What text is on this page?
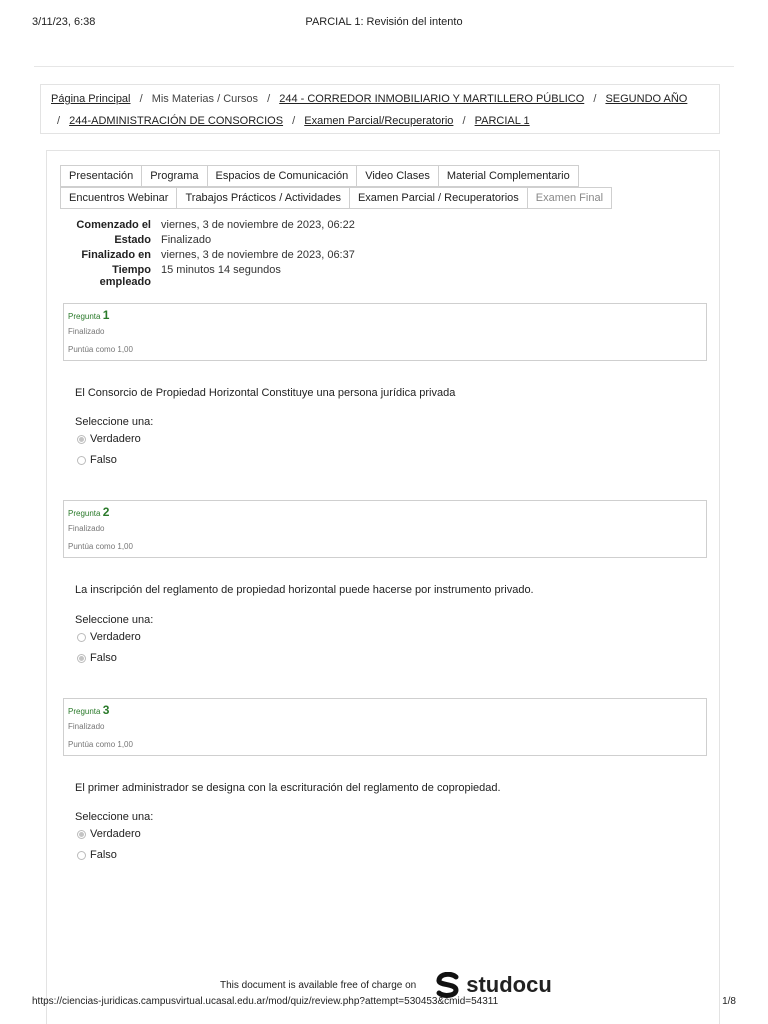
3/11/23, 6:38	PARCIAL 1: Revisión del intento
Página Principal / Mis Materias / Cursos / 244 - CORREDOR INMOBILIARIO Y MARTILLERO PÚBLICO / SEGUNDO AÑO
/ 244-ADMINISTRACIÓN DE CONSORCIOS / Examen Parcial/Recuperatorio / PARCIAL 1
Presentación	Programa	Espacios de Comunicación	Video Clases	Material Complementario
Encuentros Webinar	Trabajos Prácticos / Actividades	Examen Parcial / Recuperatorios	Examen Final
Comenzado el viernes, 3 de noviembre de 2023, 06:22
Estado Finalizado
Finalizado en viernes, 3 de noviembre de 2023, 06:37
Tiempo
empleado
15 minutos 14 segundos
Pregunta 1
Finalizado
Puntúa como 1,00
El Consorcio de Propiedad Horizontal Constituye una persona jurídica privada
Seleccione una:
Verdadero
Falso
Pregunta 2
Finalizado
Puntúa como 1,00
La inscripción del reglamento de propiedad horizontal puede hacerse por instrumento privado.
Seleccione una:
Verdadero
Falso
Pregunta 3
Finalizado
Puntúa como 1,00
El primer administrador se designa con la escrituración del reglamento de copropiedad.
Seleccione una:
Verdadero
Falso
This document is available free of charge on studocu
https://ciencias-juridicas.campusvirtual.ucasal.edu.ar/mod/quiz/review.php?attempt=530453&cmid=54311	1/8
